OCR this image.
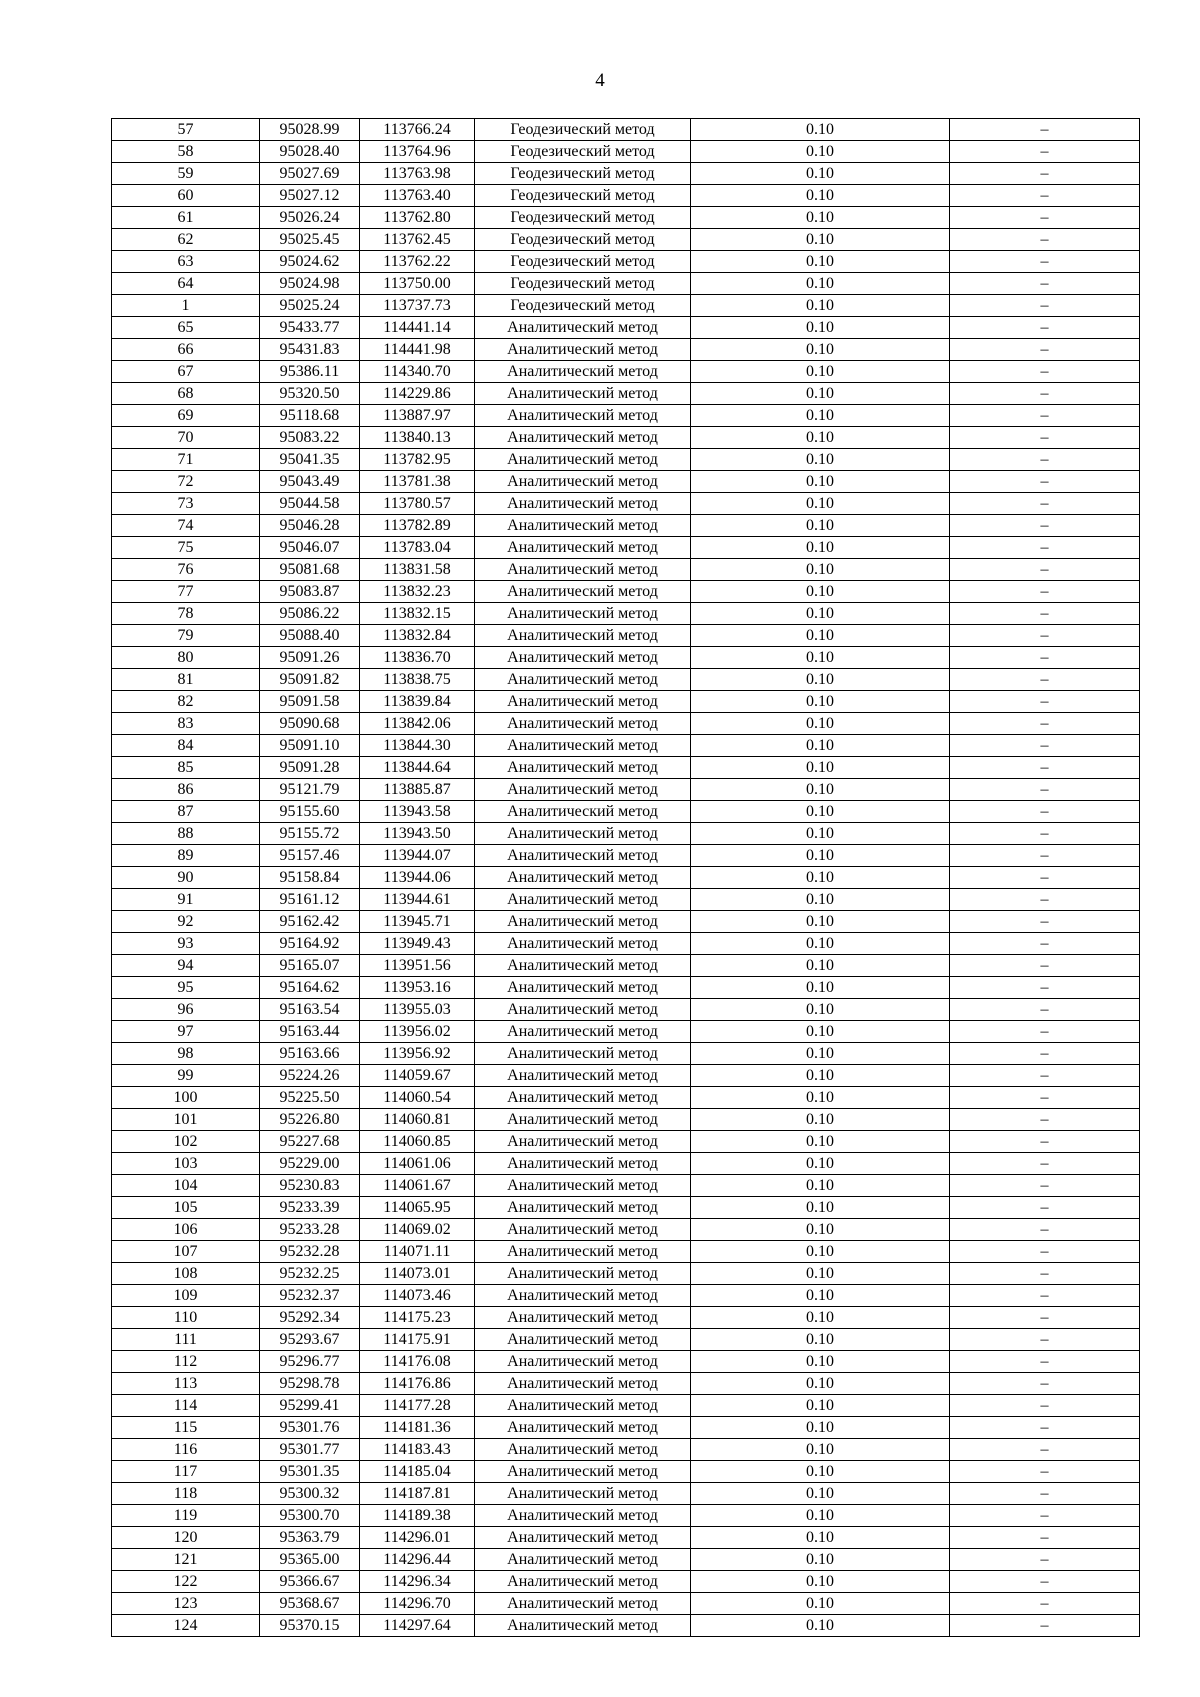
4
57	95028.99	113766.24	Геодезический метод	0.10	–
58	95028.40	113764.96	Геодезический метод	0.10	–
59	95027.69	113763.98	Геодезический метод	0.10	–
60	95027.12	113763.40	Геодезический метод	0.10	–
61	95026.24	113762.80	Геодезический метод	0.10	–
62	95025.45	113762.45	Геодезический метод	0.10	–
63	95024.62	113762.22	Геодезический метод	0.10	–
64	95024.98	113750.00	Геодезический метод	0.10	–
1	95025.24	113737.73	Геодезический метод	0.10	–
65	95433.77	114441.14	Аналитический метод	0.10	–
66	95431.83	114441.98	Аналитический метод	0.10	–
67	95386.11	114340.70	Аналитический метод	0.10	–
68	95320.50	114229.86	Аналитический метод	0.10	–
69	95118.68	113887.97	Аналитический метод	0.10	–
70	95083.22	113840.13	Аналитический метод	0.10	–
71	95041.35	113782.95	Аналитический метод	0.10	–
72	95043.49	113781.38	Аналитический метод	0.10	–
73	95044.58	113780.57	Аналитический метод	0.10	–
74	95046.28	113782.89	Аналитический метод	0.10	–
75	95046.07	113783.04	Аналитический метод	0.10	–
76	95081.68	113831.58	Аналитический метод	0.10	–
77	95083.87	113832.23	Аналитический метод	0.10	–
78	95086.22	113832.15	Аналитический метод	0.10	–
79	95088.40	113832.84	Аналитический метод	0.10	–
80	95091.26	113836.70	Аналитический метод	0.10	–
81	95091.82	113838.75	Аналитический метод	0.10	–
82	95091.58	113839.84	Аналитический метод	0.10	–
83	95090.68	113842.06	Аналитический метод	0.10	–
84	95091.10	113844.30	Аналитический метод	0.10	–
85	95091.28	113844.64	Аналитический метод	0.10	–
86	95121.79	113885.87	Аналитический метод	0.10	–
87	95155.60	113943.58	Аналитический метод	0.10	–
88	95155.72	113943.50	Аналитический метод	0.10	–
89	95157.46	113944.07	Аналитический метод	0.10	–
90	95158.84	113944.06	Аналитический метод	0.10	–
91	95161.12	113944.61	Аналитический метод	0.10	–
92	95162.42	113945.71	Аналитический метод	0.10	–
93	95164.92	113949.43	Аналитический метод	0.10	–
94	95165.07	113951.56	Аналитический метод	0.10	–
95	95164.62	113953.16	Аналитический метод	0.10	–
96	95163.54	113955.03	Аналитический метод	0.10	–
97	95163.44	113956.02	Аналитический метод	0.10	–
98	95163.66	113956.92	Аналитический метод	0.10	–
99	95224.26	114059.67	Аналитический метод	0.10	–
100	95225.50	114060.54	Аналитический метод	0.10	–
101	95226.80	114060.81	Аналитический метод	0.10	–
102	95227.68	114060.85	Аналитический метод	0.10	–
103	95229.00	114061.06	Аналитический метод	0.10	–
104	95230.83	114061.67	Аналитический метод	0.10	–
105	95233.39	114065.95	Аналитический метод	0.10	–
106	95233.28	114069.02	Аналитический метод	0.10	–
107	95232.28	114071.11	Аналитический метод	0.10	–
108	95232.25	114073.01	Аналитический метод	0.10	–
109	95232.37	114073.46	Аналитический метод	0.10	–
110	95292.34	114175.23	Аналитический метод	0.10	–
111	95293.67	114175.91	Аналитический метод	0.10	–
112	95296.77	114176.08	Аналитический метод	0.10	–
113	95298.78	114176.86	Аналитический метод	0.10	–
114	95299.41	114177.28	Аналитический метод	0.10	–
115	95301.76	114181.36	Аналитический метод	0.10	–
116	95301.77	114183.43	Аналитический метод	0.10	–
117	95301.35	114185.04	Аналитический метод	0.10	–
118	95300.32	114187.81	Аналитический метод	0.10	–
119	95300.70	114189.38	Аналитический метод	0.10	–
120	95363.79	114296.01	Аналитический метод	0.10	–
121	95365.00	114296.44	Аналитический метод	0.10	–
122	95366.67	114296.34	Аналитический метод	0.10	–
123	95368.67	114296.70	Аналитический метод	0.10	–
124	95370.15	114297.64	Аналитический метод	0.10	–
